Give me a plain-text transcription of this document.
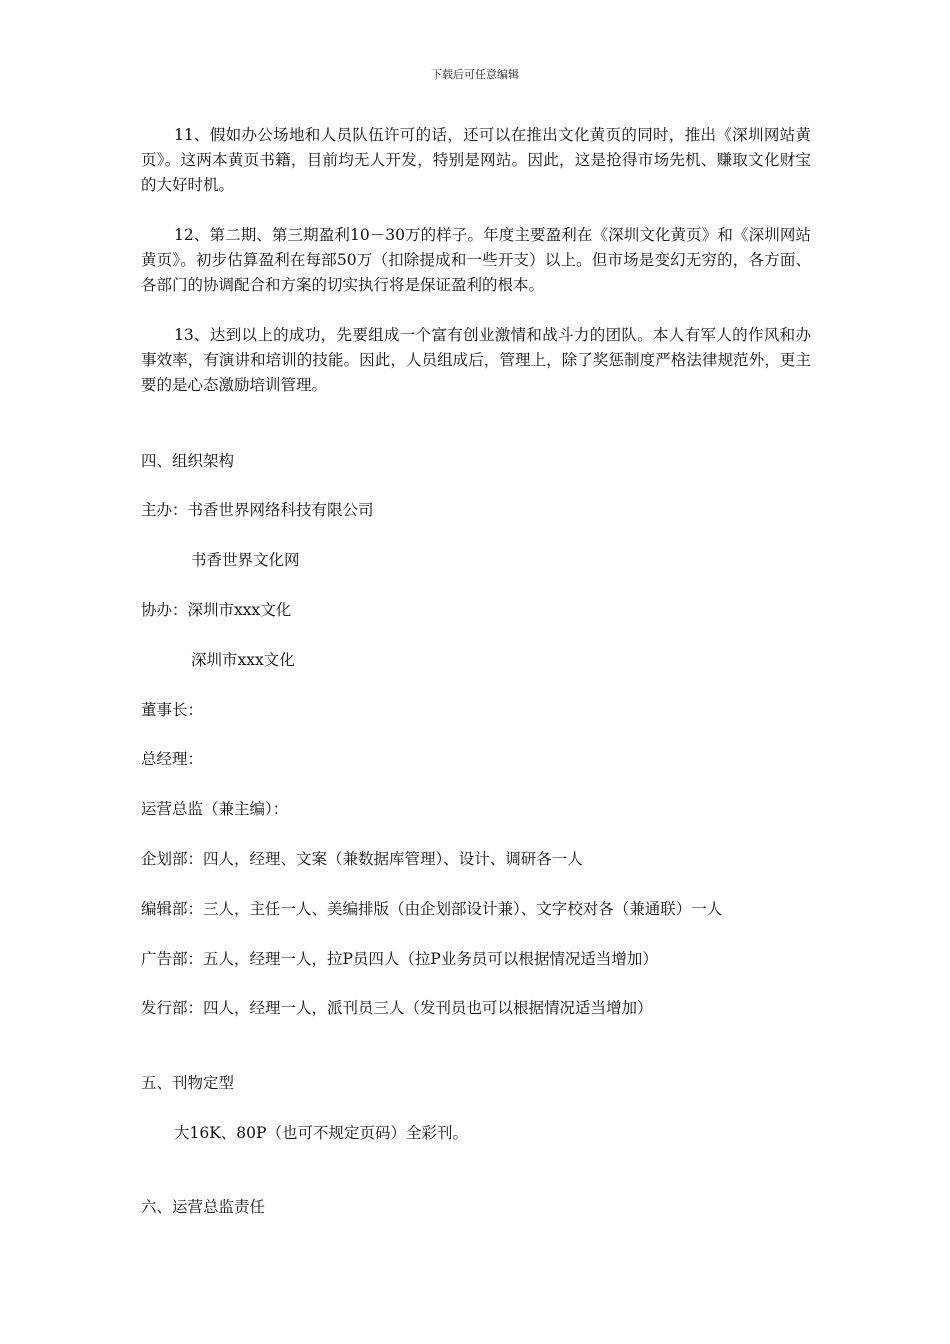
下载后可任意编辑

11、假如办公场地和人员队伍许可的话，还可以在推出文化黄页的同时，推出《深圳网站黄页》。这两本黄页书籍，目前均无人开发，特别是网站。因此，这是抢得市场先机、赚取文化财宝的大好时机。

12、第二期、第三期盈利10－30万的样子。年度主要盈利在《深圳文化黄页》和《深圳网站黄页》。初步估算盈利在每部50万（扣除提成和一些开支）以上。但市场是变幻无穷的，各方面、各部门的协调配合和方案的切实执行将是保证盈利的根本。

13、达到以上的成功，先要组成一个富有创业激情和战斗力的团队。本人有军人的作风和办事效率，有演讲和培训的技能。因此，人员组成后，管理上，除了奖惩制度严格法律规范外，更主要的是心态激励培训管理。

四、组织架构
主办：书香世界网络科技有限公司
书香世界文化网
协办：深圳市xxx文化
深圳市xxx文化
董事长：
总经理：
运营总监（兼主编）：
企划部：四人，经理、文案（兼数据库管理）、设计、调研各一人
编辑部：三人，主任一人、美编排版（由企划部设计兼）、文字校对各（兼通联）一人
广告部：五人，经理一人，拉P员四人（拉P业务员可以根据情况适当增加）
发行部：四人，经理一人，派刊员三人（发刊员也可以根据情况适当增加）
五、刊物定型
大16K、80P（也可不规定页码）全彩刊。
六、运营总监责任
